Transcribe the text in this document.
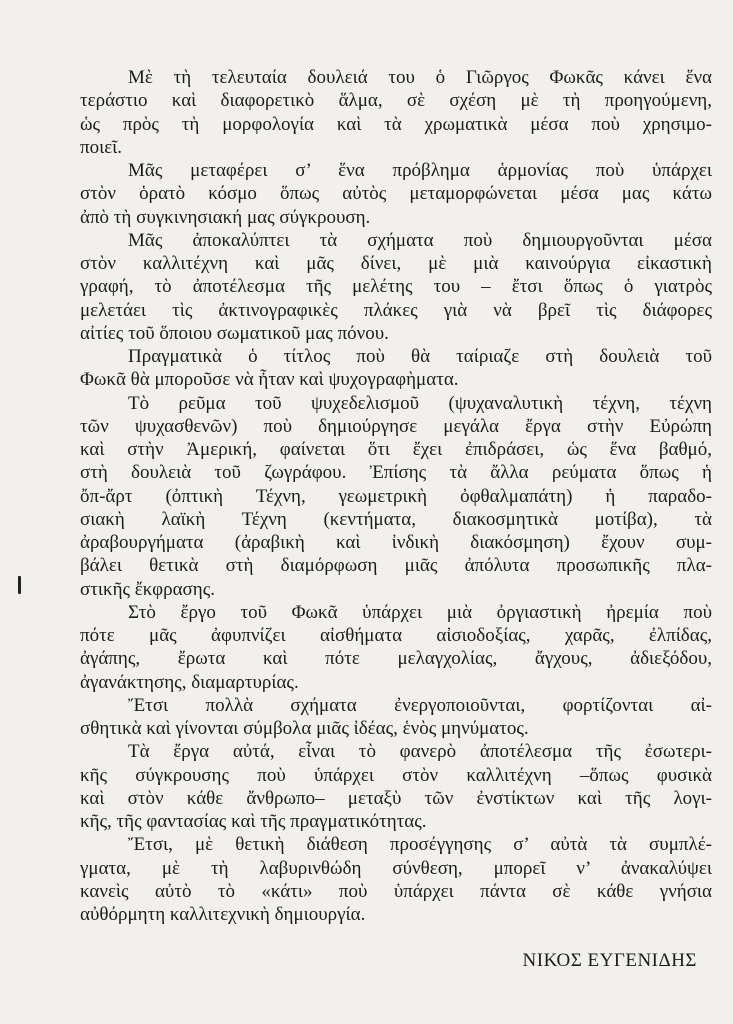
Μὲ τὴ τελευταία δουλειά του ὁ Γιῶργος Φωκᾶς κάνει ἕνα
τεράστιο καὶ διαφορετικὸ ἅλμα, σὲ σχέση μὲ τὴ προηγούμενη,
ὡς πρὸς τὴ μορφολογία καὶ τὰ χρωματικὰ μέσα ποὺ χρησιμο-
ποιεῖ.
Μᾶς μεταφέρει σ’ ἕνα πρόβλημα ἁρμονίας ποὺ ὑπάρχει
στὸν ὁρατὸ κόσμο ὅπως αὐτὸς μεταμορφώνεται μέσα μας κάτω
ἀπὸ τὴ συγκινησιακή μας σύγκρουση.
Μᾶς ἀποκαλύπτει τὰ σχήματα ποὺ δημιουργοῦνται μέσα
στὸν καλλιτέχνη καὶ μᾶς δίνει, μὲ μιὰ καινούργια εἰκαστικὴ
γραφή, τὸ ἀποτέλεσμα τῆς μελέτης του – ἔτσι ὅπως ὁ γιατρὸς
μελετάει τὶς ἀκτινογραφικὲς πλάκες γιὰ νὰ βρεῖ τὶς διάφορες
αἰτίες τοῦ ὅποιου σωματικοῦ μας πόνου.
Πραγματικὰ ὁ τίτλος ποὺ θὰ ταίριαζε στὴ δουλειὰ τοῦ
Φωκᾶ θὰ μποροῦσε νὰ ἦταν καὶ ψυχογραφὴματα.
Τὸ ρεῦμα τοῦ ψυχεδελισμοῦ (ψυχαναλυτικὴ τέχνη, τέχνη
τῶν ψυχασθενῶν) ποὺ δημιούργησε μεγάλα ἔργα στὴν Εὐρώπη
καὶ στὴν Ἀμερική, φαίνεται ὅτι ἔχει ἐπιδράσει, ὡς ἕνα βαθμό,
στὴ δουλειὰ τοῦ ζωγράφου. Ἐπίσης τὰ ἄλλα ρεύματα ὅπως ἡ
ὄπ-ἄρτ (ὀπτικὴ Τέχνη, γεωμετρικὴ ὀφθαλμαπάτη) ἡ παραδο-
σιακὴ λαϊκὴ Τέχνη (κεντήματα, διακοσμητικὰ μοτίβα), τὰ
ἀραβουργήματα (ἀραβικὴ καὶ ἰνδικὴ διακόσμηση) ἔχουν συμ-
βάλει θετικὰ στὴ διαμόρφωση μιᾶς ἀπόλυτα προσωπικῆς πλα-
στικῆς ἔκφρασης.
Στὸ ἔργο τοῦ Φωκᾶ ὑπάρχει μιὰ ὀργιαστικὴ ἠρεμία ποὺ
πότε μᾶς ἀφυπνίζει αἰσθήματα αἰσιοδοξίας, χαρᾶς, ἐλπίδας,
ἀγάπης, ἔρωτα καὶ πότε μελαγχολίας, ἄγχους, ἀδιεξόδου,
ἀγανάκτησης, διαμαρτυρίας.
Ἔτσι πολλὰ σχήματα ἐνεργοποιοῦνται, φορτίζονται αἰ-
σθητικὰ καὶ γίνονται σύμβολα μιᾶς ἰδέας, ἑνὸς μηνύματος.
Τὰ ἔργα αὐτά, εἶναι τὸ φανερὸ ἀποτέλεσμα τῆς ἐσωτερι-
κῆς σύγκρουσης ποὺ ὑπάρχει στὸν καλλιτέχνη –ὅπως φυσικὰ
καὶ στὸν κάθε ἄνθρωπο– μεταξὺ τῶν ἐνστίκτων καὶ τῆς λογι-
κῆς, τῆς φαντασίας καὶ τῆς πραγματικότητας.
Ἔτσι, μὲ θετικὴ διάθεση προσέγγησης σ’ αὐτὰ τὰ συμπλέ-
γματα, μὲ τὴ λαβυρινθώδη σύνθεση, μπορεῖ ν’ ἀνακαλύψει
κανεὶς αὐτὸ τὸ «κάτι» ποὺ ὑπάρχει πάντα σὲ κάθε γνήσια
αὐθόρμητη καλλιτεχνικὴ δημιουργία.
ΝΙΚΟΣ ΕΥΓΕΝΙΔΗΣ
